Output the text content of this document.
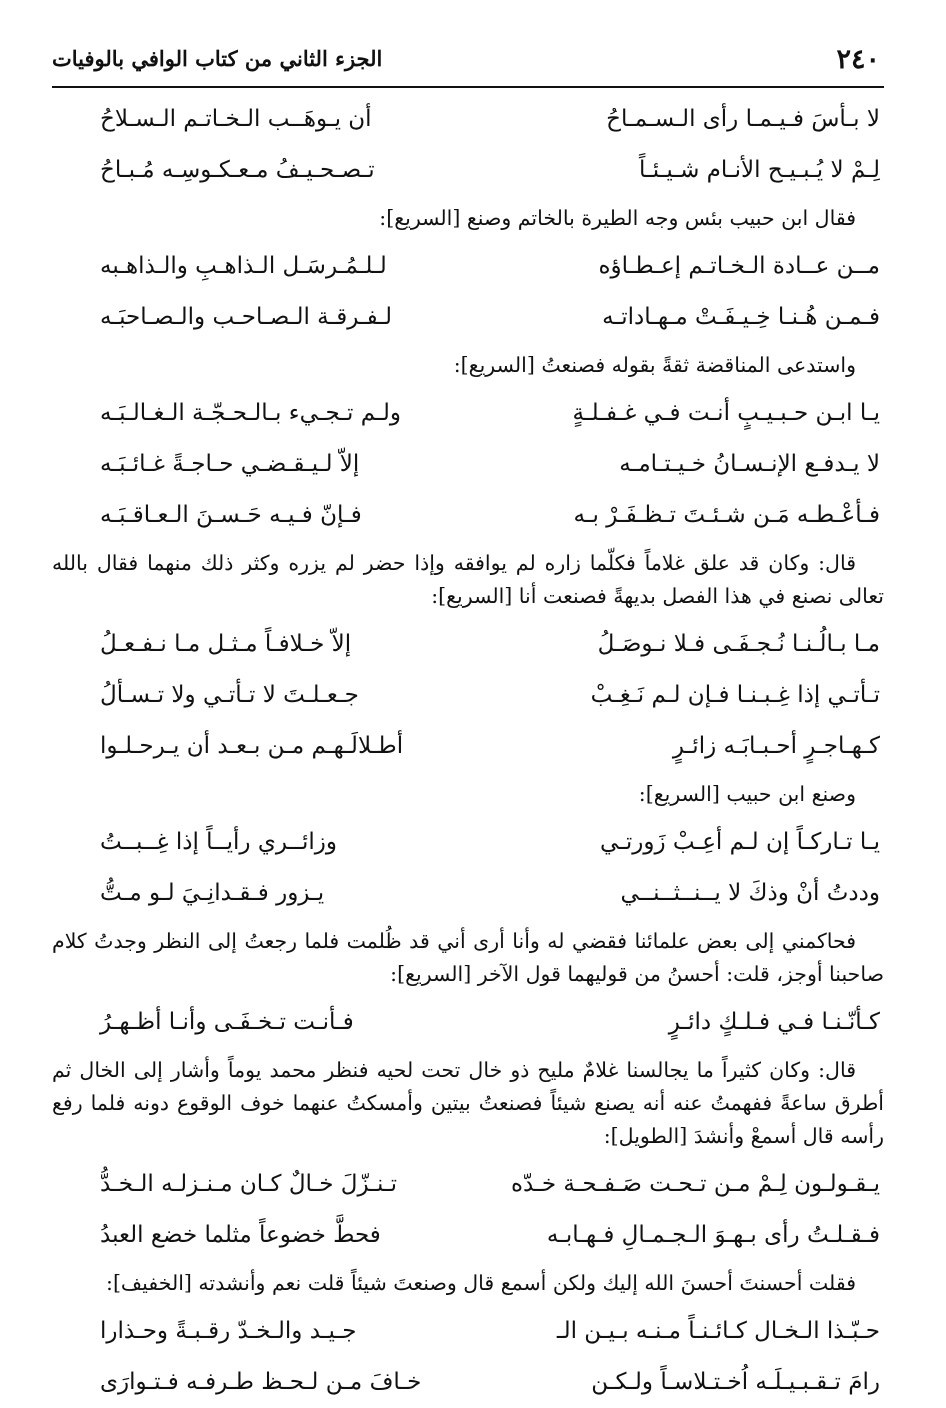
٢٤٠
الجزء الثاني من كتاب الوافي بالوفيات
لا بـأسَ فـيـمـا رأى الـسـمـاحُ
أن يـوهَــب الـخـاتـم الـسـلاحُ
لِـمْ لا يُـبـيـح الأنـام شـيـئـاً
تـصـحـيـفُ مـعـكـوسِـه مُـبـاحُ
فقال ابن حبيب بئس وجه الطيرة بالخاتم وصنع [السريع]:
مــن عــادة الـخـاتـم إعـطـاؤه
لـلـمُـرسَـل الـذاهـبِ والـذاهـبه
فـمـن هُـنـا خِـيـفَـتْ مـهـاداتـه
لـفـرقـة الـصـاحـب والـصـاحبَـه
واستدعى المناقضة ثقةً بقوله فصنعتُ [السريع]:
يـا ابـن حـبـيـبٍ أنـت فـي غـفـلـةٍ
ولـم تـجـيء بـالـحـجّـة الـغـالـبَـه
لا يـدفـع الإنـسـانُ خـيـتـامـه
إلاّ لـيـقـضـي حـاجـةً غـائـبَـه
فـأعْـطـه مَـن شـئـتَ تـظـفَـرْ بـه
فـإنّ فـيـه حَـسـنَ الـعـاقـبَـه
قال: وكان قد علق غلاماً فكلّما زاره لم يوافقه وإذا حضر لم يزره وكثر ذلك منهما فقال بالله تعالى نصنع في هذا الفصل بديهةً فصنعت أنا [السريع]:
مـا بـالُـنـا نُـجـفَـى فـلا نـوصَـلُ
إلاّ خـلافـاً مـثـل مـا نـفـعـلُ
تـأتـي إذا غِـبـنـا فـإن لـم نَـغِـبْ
جـعـلـتَ لا تـأتـي ولا تـسـألُ
كـهـاجـرٍ أحـبـابَـه زائـرٍ
أطـلالَـهـم مـن بـعـد أن يـرحـلـوا
وصنع ابن حبيب [السريع]:
يـا تـاركـاً إن لـم أعِـبْ زَورتـي
وزائــري رأيــاً إذا غِــبــتُ
وددتُ أنْ وذكَ لا يــنــثــنــي
يـزور فـقـدانِـيَ لـو مـتُّ
فحاكمني إلى بعض علمائنا فقضي له وأنا أرى أني قد ظُلمت فلما رجعتُ إلى النظر وجدتُ كلام صاحبنا أوجز، قلت: أحسنُ من قوليهما قول الآخر [السريع]:
كـأنّـنـا فـي فـلـكٍ دائـرٍ
فـأنـت تـخـفَـى وأنـا أظـهـرُ
قال: وكان كثيراً ما يجالسنا غلامٌ مليح ذو خال تحت لحيه فنظر محمد يوماً وأشار إلى الخال ثم أطرق ساعةً ففهمتُ عنه أنه يصنع شيئاً فصنعتُ بيتين وأمسكتُ عنهما خوف الوقوع دونه فلما رفع رأسه قال أسمعْ وأنشدَ [الطويل]:
يـقـولـون لِـمْ مـن تـحـت صَـفـحـة خـدّه
تـنـزّلَ خـالٌ كـان مـنـزلـه الـخـدُّ
فـقـلـتُ رأى بـهـوَ الـجـمـالِ فـهـابـه
فحطَّ خضوعاً مثلما خضع العبدُ
فقلت أحسنتَ أحسنَ الله إليك ولكن أسمع قال وصنعتَ شيئاً قلت نعم وأنشدته [الخفيف]:
حـبّـذا الـخـال كـائـنـاً مـنـه بـيـن الـ
جـيـد والـخـدّ رقـبـةً وحـذارا
رامَ تـقـبـيـلَـه اُخـتـلاسـاً ولـكـن
خـافَ مـن لـحـظ طـرفـه فـتـوارَى
